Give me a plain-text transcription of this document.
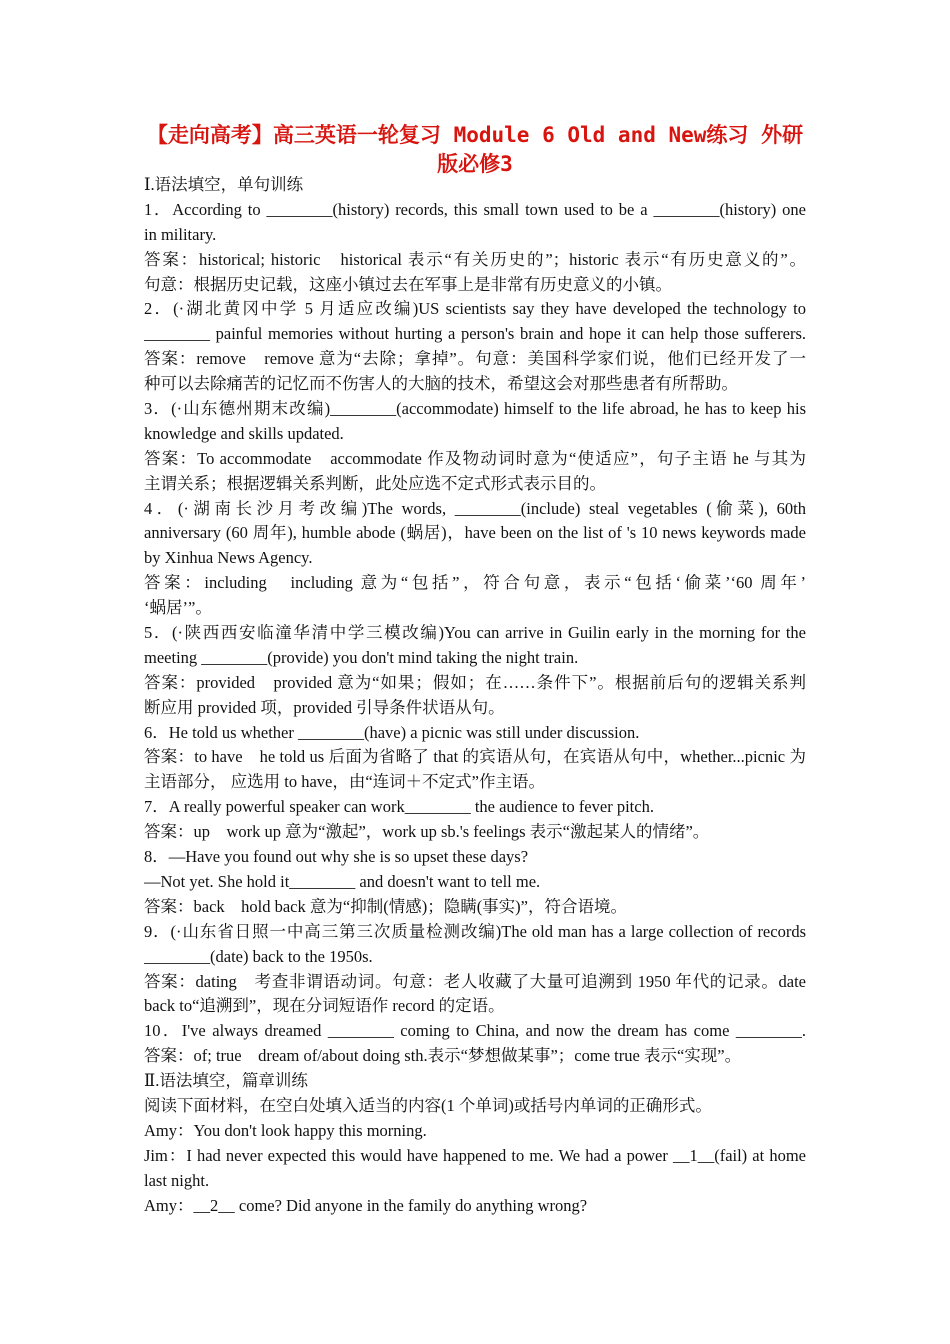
【走向高考】高三英语一轮复习 Module 6 Old and New练习 外研
版必修3
Ⅰ.语法填空，单句训练
1．According to ________(history) records, this small town used to be a ________(history) one
in military.
答案：historical; historic　historical 表示“有关历史的”；historic 表示“有历史意义的”。
句意：根据历史记载，这座小镇过去在军事上是非常有历史意义的小镇。
2．(·湖北黄冈中学 5 月适应改编)US scientists say they have developed the technology to
________ painful memories without hurting a person's brain and hope it can help those sufferers.
答案：remove　remove 意为“去除；拿掉”。句意：美国科学家们说，他们已经开发了一
种可以去除痛苦的记忆而不伤害人的大脑的技术，希望这会对那些患者有所帮助。
3．(·山东德州期末改编)________(accommodate) himself to the life abroad, he has to keep his
knowledge and skills updated.
答案：To accommodate　accommodate 作及物动词时意为“使适应”，句子主语 he 与其为
主谓关系；根据逻辑关系判断，此处应选不定式形式表示目的。
4．(·湖南长沙月考改编)The words, ________(include) steal vegetables (偷菜), 60th
anniversary (60 周年), humble abode (蜗居)，have been on the list of 's 10 news keywords made
by Xinhua News Agency.
答案：including　including 意为“包括”，符合句意，表示“包括‘偷菜’‘60 周年’
‘蜗居’”。
5．(·陕西西安临潼华清中学三模改编)You can arrive in Guilin early in the morning for the
meeting ________(provide) you don't mind taking the night train.
答案：provided　provided 意为“如果；假如；在……条件下”。根据前后句的逻辑关系判
断应用 provided 项，provided 引导条件状语从句。
6．He told us whether ________(have) a picnic was still under discussion.
答案：to have　he told us 后面为省略了 that 的宾语从句，在宾语从句中，whether...picnic 为
主语部分， 应选用 to have，由“连词＋不定式”作主语。
7．A really powerful speaker can work________ the audience to fever pitch.
答案：up　work up 意为“激起”，work up sb.'s feelings 表示“激起某人的情绪”。
8．—Have you found out why she is so upset these days?
—Not yet. She hold it________ and doesn't want to tell me.
答案：back　hold back 意为“抑制(情感)；隐瞒(事实)”，符合语境。
9．(·山东省日照一中高三第三次质量检测改编)The old man has a large collection of records
________(date) back to the 1950s.
答案：dating　考查非谓语动词。句意：老人收藏了大量可追溯到 1950 年代的记录。date
back to“追溯到”，现在分词短语作 record 的定语。
10．I've always dreamed ________ coming to China, and now the dream has come ________.
答案：of; true　dream of/about doing sth.表示“梦想做某事”；come true 表示“实现”。
Ⅱ.语法填空，篇章训练
阅读下面材料，在空白处填入适当的内容(1 个单词)或括号内单词的正确形式。
Amy：You don't look happy this morning.
Jim：I had never expected this would have happened to me. We had a power __1__(fail) at home
last night.
Amy：__2__ come? Did anyone in the family do anything wrong?
